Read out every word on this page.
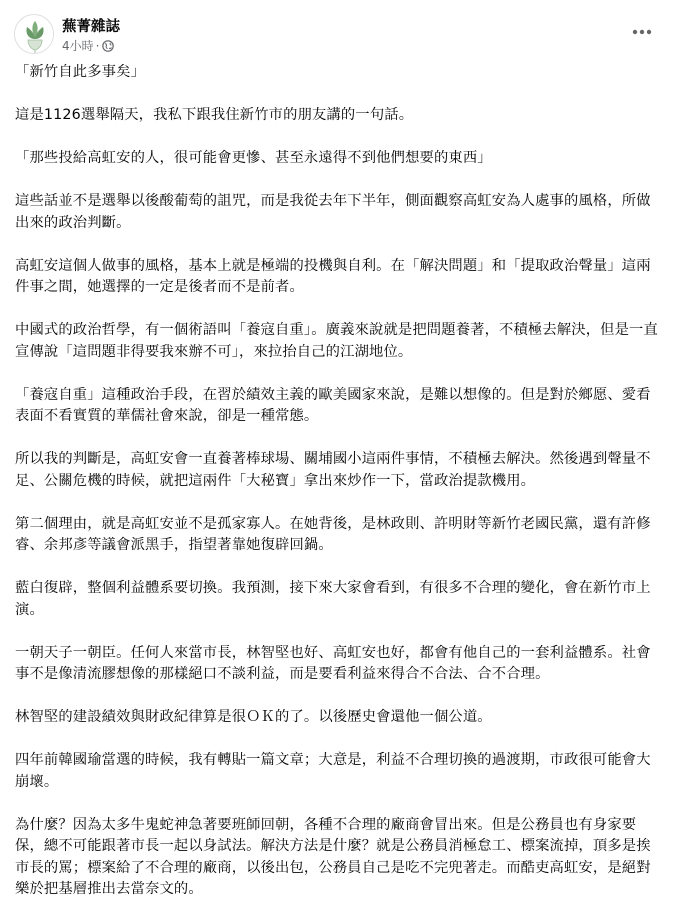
蕪菁雜誌
4小時 ·

「新竹自此多事矣」

這是1126選舉隔天，我私下跟我住新竹市的朋友講的一句話。

「那些投給高虹安的人，很可能會更慘、甚至永遠得不到他們想要的東西」

這些話並不是選舉以後酸葡萄的詛咒，而是我從去年下半年，側面觀察高虹安為人處事的風格，所做出來的政治判斷。

高虹安這個人做事的風格，基本上就是極端的投機與自利。在「解決問題」和「提取政治聲量」這兩件事之間，她選擇的一定是後者而不是前者。

中國式的政治哲學，有一個術語叫「養寇自重」。廣義來說就是把問題養著，不積極去解決，但是一直宣傳說「這問題非得要我來辦不可」，來拉抬自己的江湖地位。

「養寇自重」這種政治手段，在習於績效主義的歐美國家來說，是難以想像的。但是對於鄉愿、愛看表面不看實質的華儒社會來說，卻是一種常態。

所以我的判斷是，高虹安會一直養著棒球場、關埔國小這兩件事情，不積極去解決。然後遇到聲量不足、公關危機的時候，就把這兩件「大秘寶」拿出來炒作一下，當政治提款機用。

第二個理由，就是高虹安並不是孤家寡人。在她背後，是林政則、許明財等新竹老國民黨，還有許修睿、余邦彥等議會派黑手，指望著靠她復辟回鍋。

藍白復辟，整個利益體系要切換。我預測，接下來大家會看到，有很多不合理的變化，會在新竹市上演。

一朝天子一朝臣。任何人來當市長，林智堅也好、高虹安也好，都會有他自己的一套利益體系。社會事不是像清流膠想像的那樣絕口不談利益，而是要看利益來得合不合法、合不合理。

林智堅的建設績效與財政紀律算是很ＯＫ的了。以後歷史會還他一個公道。

四年前韓國瑜當選的時候，我有轉貼一篇文章；大意是，利益不合理切換的過渡期，市政很可能會大崩壞。

為什麼？因為太多牛鬼蛇神急著要班師回朝，各種不合理的廠商會冒出來。但是公務員也有身家要保，總不可能跟著市長一起以身試法。解決方法是什麼？就是公務員消極怠工、標案流掉，頂多是挨市長的罵；標案給了不合理的廠商，以後出包，公務員自己是吃不完兜著走。而酷吏高虹安，是絕對樂於把基層推出去當奈文的。
